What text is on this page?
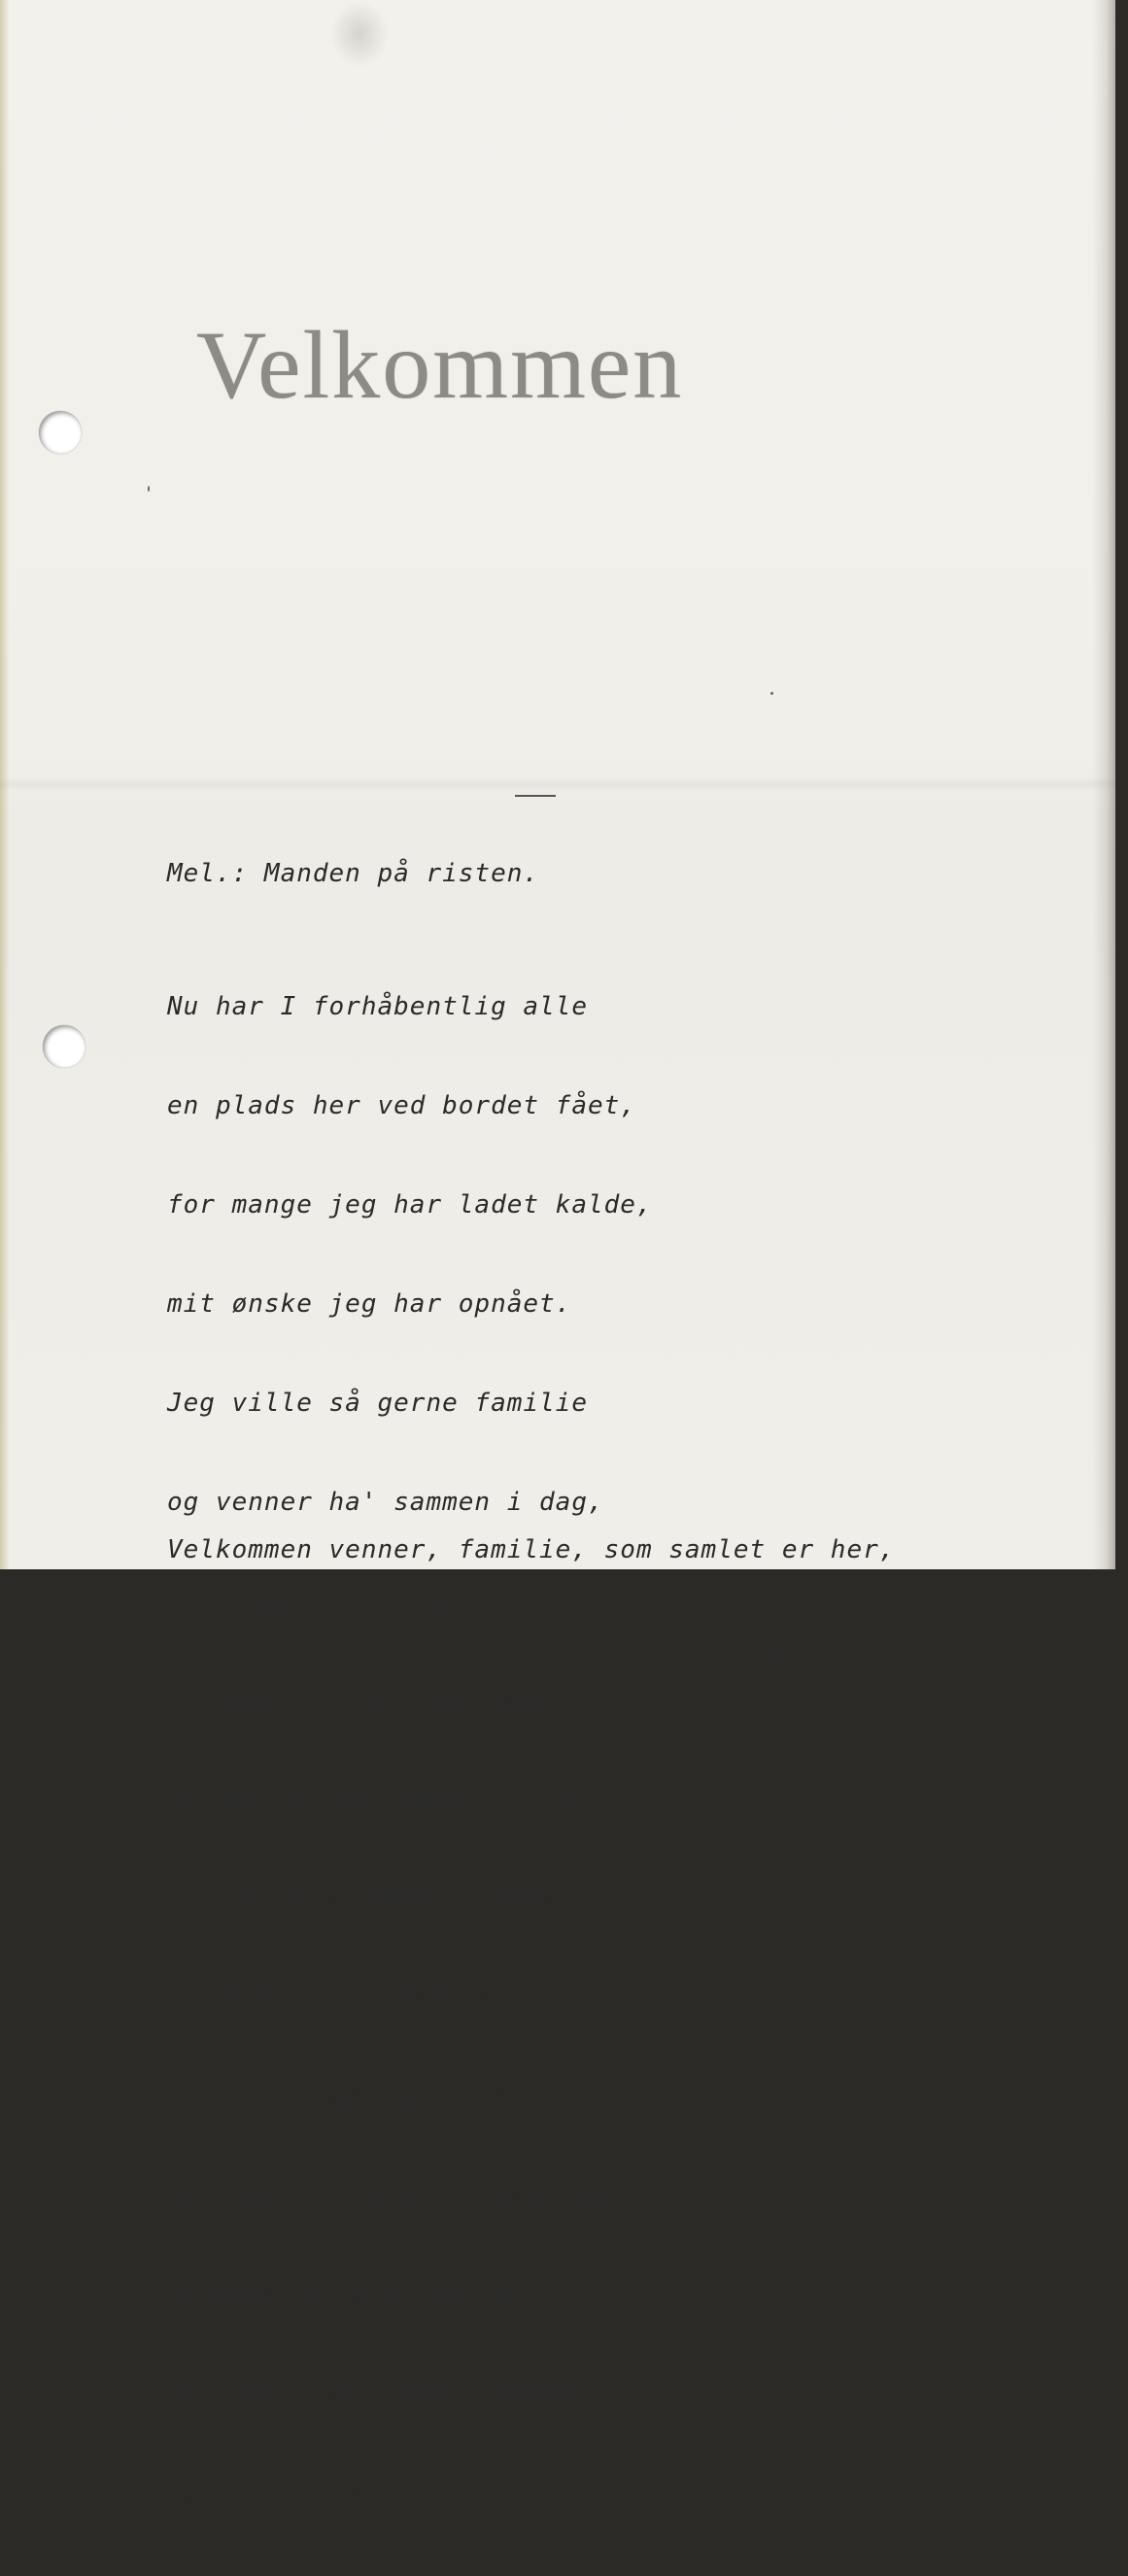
Velkommen

Mel.: Manden på risten.

Nu har I forhåbentlig alle

en plads her ved bordet fået,

for mange jeg har ladet kalde,

mit ønske jeg har opnået.

Jeg ville så gerne familie

og venner ha' sammen i dag,

for ingen ved noget, om atter

vi mødes i festligt lag.

Så derfor jeg håber, vi more

os kan allesammen i flok,

så drik nu og skål nu og spis nu,

til alle har fået nok.

Og bagefter skal vi skam danse

og more os alle som én,

og ingen kan nogen standse,

før dagen er blevet sen.

Velkommen venner, familie, som samlet er her,

lad festen blive et minde for mig så kært!
